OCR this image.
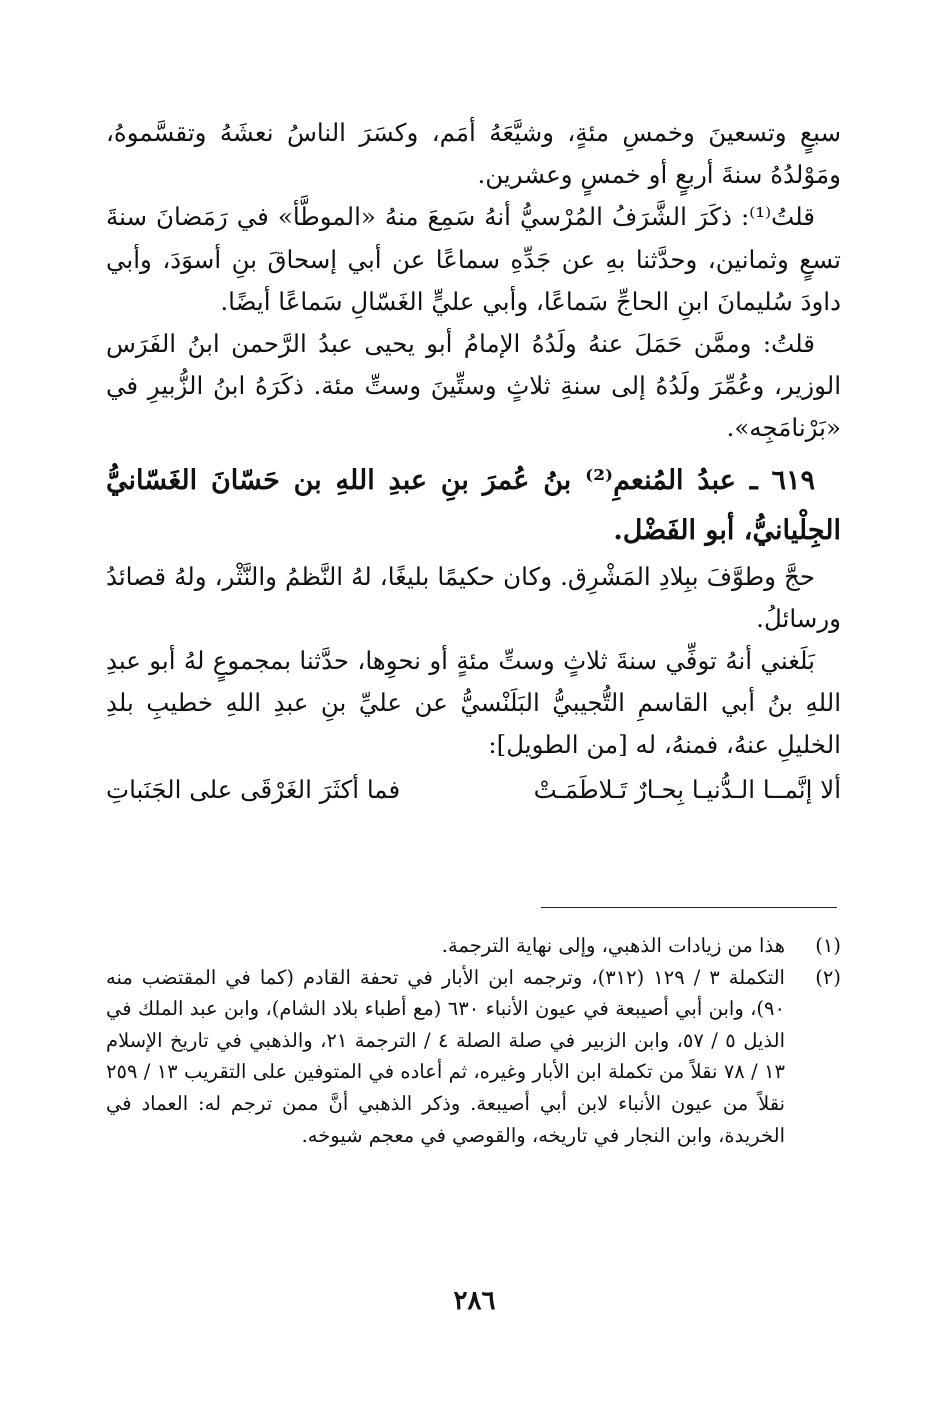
سبعٍ وتسعينَ وخمسِ مئةٍ، وشيَّعَهُ أمَم، وكسَرَ الناسُ نعشَهُ وتقسَّموهُ، ومَوْلدُهُ سنةَ أربعٍ أو خمسٍ وعشرين.

قلتُ⁽¹⁾: ذكَرَ الشَّرَفُ المُرْسيُّ أنهُ سَمِعَ منهُ «الموطَّأ» في رَمَضانَ سنةَ تسعٍ وثمانين، وحدَّثنا بهِ عن جَدِّهِ سماعًا عن أبي إسحاقَ بنِ أسوَدَ، وأبي داودَ سُليمانَ ابنِ الحاجِّ سَماعًا، وأبي عليٍّ الغَسّالِ سَماعًا أيضًا.

قلتُ: وممَّن حَمَلَ عنهُ ولَدُهُ الإمامُ أبو يحيى عبدُ الرَّحمن ابنُ الفَرَس الوزير، وعُمِّرَ ولَدُهُ إلى سنةِ ثلاثٍ وستِّينَ وستِّ مئة. ذكَرَهُ ابنُ الزُّبيرِ في «بَرْنامَجِه».

٦١٩ ـ عبدُ المُنعمِ⁽²⁾ بنُ عُمرَ بنِ عبدِ اللهِ بن حَسّانَ الغَسّانيُّ الجِلْيانيُّ، أبو الفَضْل.

حجَّ وطوَّفَ ببِلادِ المَشْرِق. وكان حكيمًا بليغًا، لهُ النَّظمُ والنَّثْر، ولهُ قصائدُ ورسائلُ.

بَلَغني أنهُ توفِّي سنةَ ثلاثٍ وستِّ مئةٍ أو نحوِها، حدَّثنا بمجموعٍ لهُ أبو عبدِ اللهِ بنُ أبي القاسمِ التُّجيبيُّ البَلَنْسيُّ عن عليِّ بنِ عبدِ اللهِ خطيبِ بلدِ الخليلِ عنهُ، فمنهُ، له [من الطويل]:

ألا إنَّمــا الـدُّنيـا بِحـارٌ تَـلاطَمَـتْ
فما أكثَرَ الغَرْقَى على الجَنَباتِ
(١)
هذا من زيادات الذهبي، وإلى نهاية الترجمة.
(٢)
التكملة ٣ / ١٢٩ (٣١٢)، وترجمه ابن الأبار في تحفة القادم (كما في المقتضب منه ٩٠)، وابن أبي أصيبعة في عيون الأنباء ٦٣٠ (مع أطباء بلاد الشام)، وابن عبد الملك في الذيل ٥ / ٥٧، وابن الزبير في صلة الصلة ٤ / الترجمة ٢١، والذهبي في تاريخ الإسلام ١٣ / ٧٨ نقلاً من تكملة ابن الأبار وغيره، ثم أعاده في المتوفين على التقريب ١٣ / ٢٥٩ نقلاً من عيون الأنباء لابن أبي أصيبعة. وذكر الذهبي أنَّ ممن ترجم له: العماد في الخريدة، وابن النجار في تاريخه، والقوصي في معجم شيوخه.
٢٨٦
